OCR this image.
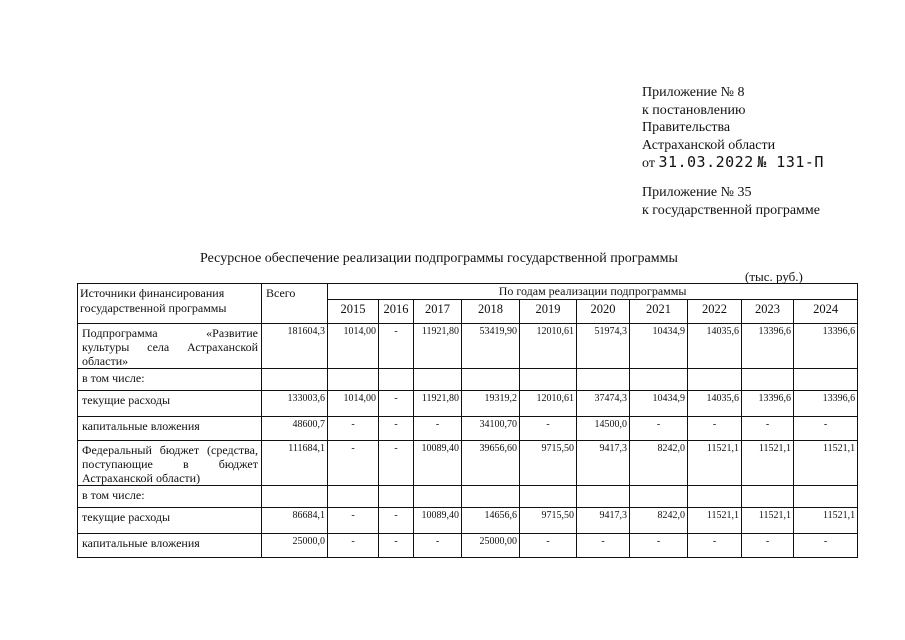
Приложение № 8
к постановлению
Правительства
Астраханской области
от 31.03.2022 № 131-П
Приложение № 35
к государственной программе
Ресурсное обеспечение реализации подпрограммы государственной программы
(тыс. руб.)
Источники финансирования государственной программы	Всего	По годам реализации подпрограммы									
		2015	2016	2017	2018	2019	2020	2021	2022	2023	2024
Подпрограмма «Развитие культуры села Астраханской области»	181604,3	1014,00	-	11921,80	53419,90	12010,61	51974,3	10434,9	14035,6	13396,6	13396,6
в том числе:											
текущие расходы	133003,6	1014,00	-	11921,80	19319,2	12010,61	37474,3	10434,9	14035,6	13396,6	13396,6
капитальные вложения	48600,7	-	-	-	34100,70	-	14500,0	-	-	-	-
Федеральный бюджет (средства, поступающие в бюджет Астраханской области)	111684,1	-	-	10089,40	39656,60	9715,50	9417,3	8242,0	11521,1	11521,1	11521,1
в том числе:											
текущие расходы	86684,1	-	-	10089,40	14656,6	9715,50	9417,3	8242,0	11521,1	11521,1	11521,1
капитальные вложения	25000,0	-	-	-	25000,00	-	-	-	-	-	-
